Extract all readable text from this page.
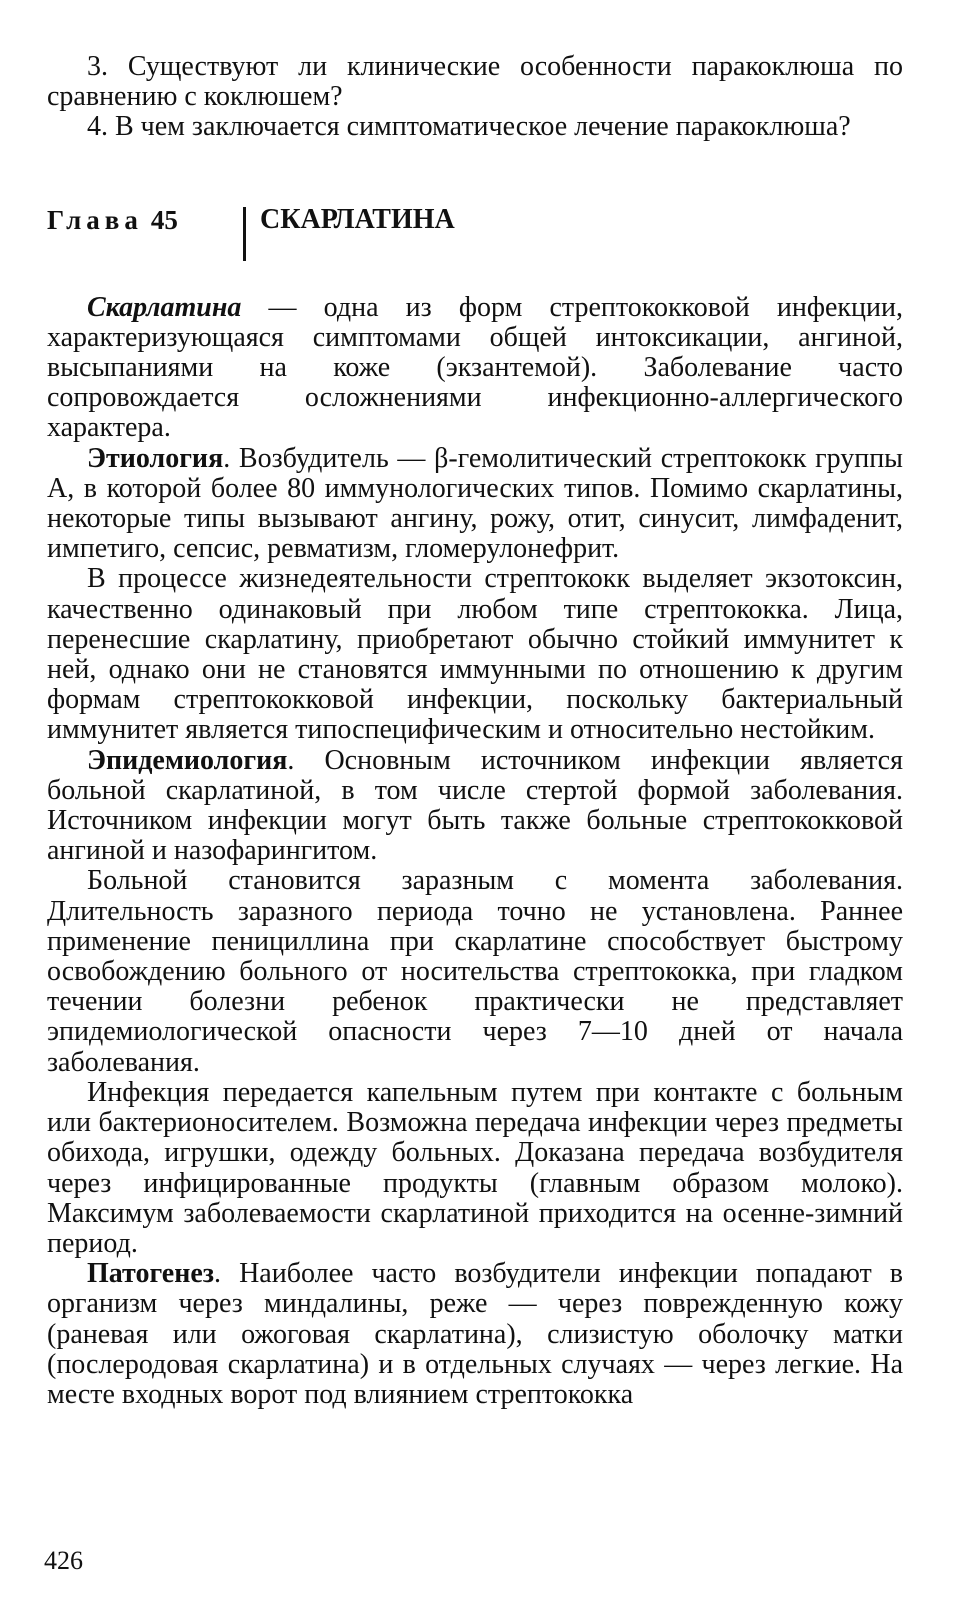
3. Существуют ли клинические особенности паракоклюша по сравнению с коклюшем?

4. В чем заключается симптоматическое лечение паракоклюша?

Глава 45	СКАРЛАТИНА

Скарлатина — одна из форм стрептококковой инфекции, характеризующаяся симптомами общей интоксикации, ангиной, высыпаниями на коже (экзантемой). Заболевание часто сопровождается осложнениями инфекционно-аллергического характера.

Этиология. Возбудитель — β-гемолитический стрептококк группы А, в которой более 80 иммунологических типов. Помимо скарлатины, некоторые типы вызывают ангину, рожу, отит, синусит, лимфаденит, импетиго, сепсис, ревматизм, гломерулонефрит.

В процессе жизнедеятельности стрептококк выделяет экзотоксин, качественно одинаковый при любом типе стрептококка. Лица, перенесшие скарлатину, приобретают обычно стойкий иммунитет к ней, однако они не становятся иммунными по отношению к другим формам стрептококковой инфекции, поскольку бактериальный иммунитет является типоспецифическим и относительно нестойким.

Эпидемиология. Основным источником инфекции является больной скарлатиной, в том числе стертой формой заболевания. Источником инфекции могут быть также больные стрептококковой ангиной и назофарингитом.

Больной становится заразным с момента заболевания. Длительность заразного периода точно не установлена. Раннее применение пенициллина при скарлатине способствует быстрому освобождению больного от носительства стрептококка, при гладком течении болезни ребенок практически не представляет эпидемиологической опасности через 7—10 дней от начала заболевания.

Инфекция передается капельным путем при контакте с больным или бактерионосителем. Возможна передача инфекции через предметы обихода, игрушки, одежду больных. Доказана передача возбудителя через инфицированные продукты (главным образом молоко). Максимум заболеваемости скарлатиной приходится на осенне-зимний период.

Патогенез. Наиболее часто возбудители инфекции попадают в организм через миндалины, реже — через поврежденную кожу (раневая или ожоговая скарлатина), слизистую оболочку матки (послеродовая скарлатина) и в отдельных случаях — через легкие. На месте входных ворот под влиянием стрептококка

426
